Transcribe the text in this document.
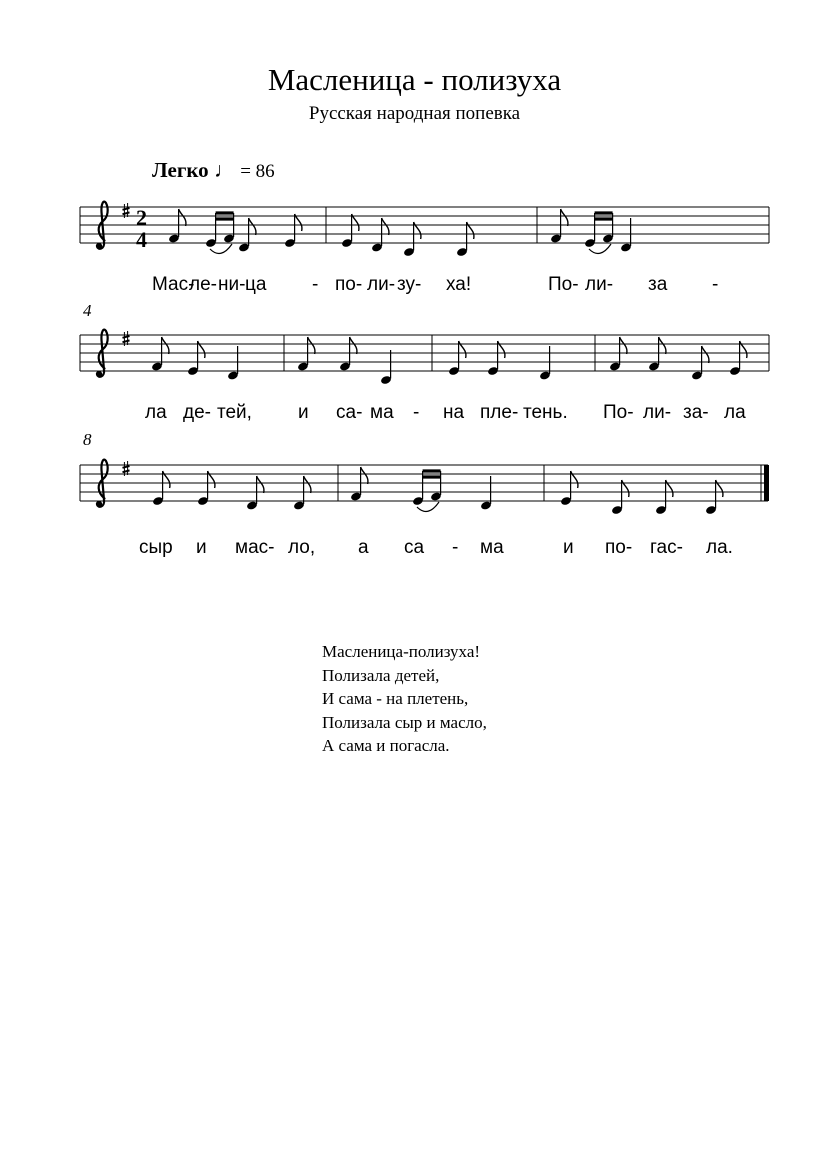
Масленица - полизуха
Русская народная попевка
Легко ♩ = 86
2
4
4
8
Мас-
ле- ни- ца - по- ли- зу- ха!	По- ли- за -
ла де- тей, и са- ма - на пле- тень. По- ли- за- ла
сыр и мас- ло, а са - ма	и по- гас- ла.
Масленица-полизуха!
Полизала детей,
И сама - на плетень,
Полизала сыр и масло,
А сама и погасла.
